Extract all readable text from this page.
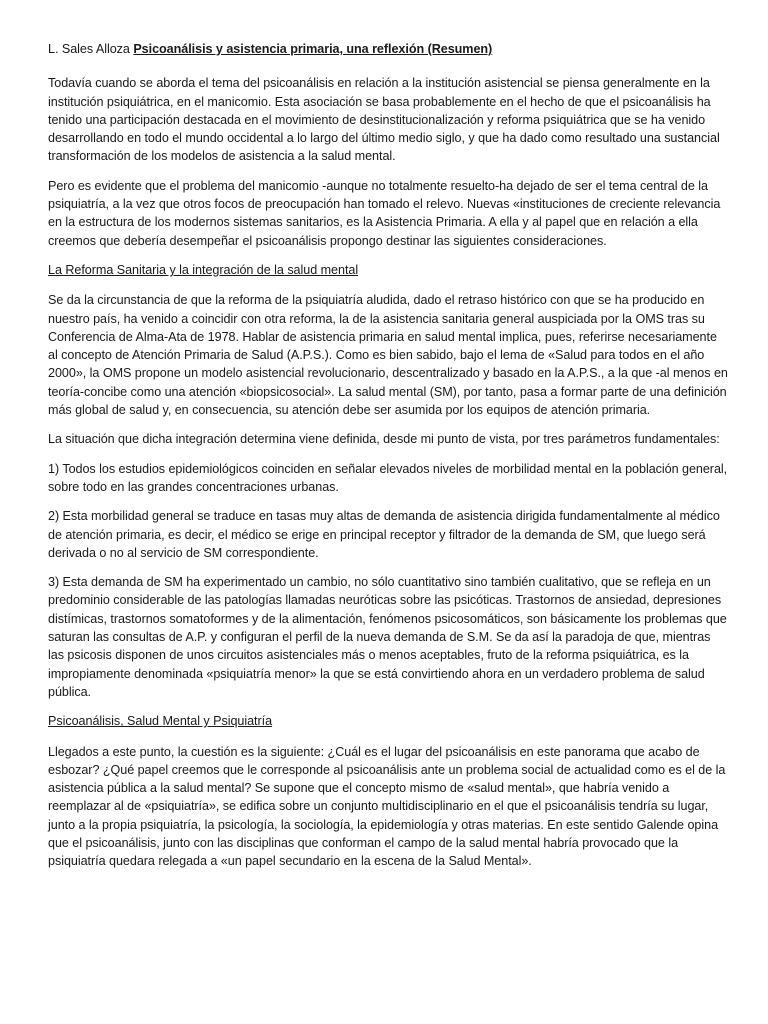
L. Sales Alloza Psicoanálisis y asistencia primaria, una reflexión (Resumen)

Todavía cuando se aborda el tema del psicoanálisis en relación a la institución asistencial se piensa generalmente en la institución psiquiátrica, en el manicomio. Esta asociación se basa probablemente en el hecho de que el psicoanálisis ha tenido una participación destacada en el movimiento de desinstitucionalización y reforma psiquiátrica que se ha venido desarrollando en todo el mundo occidental a lo largo del último medio siglo, y que ha dado como resultado una sustancial transformación de los modelos de asistencia a la salud mental.

Pero es evidente que el problema del manicomio -aunque no totalmente resuelto-ha dejado de ser el tema central de la psiquiatría, a la vez que otros focos de preocupación han tomado el relevo. Nuevas «instituciones de creciente relevancia en la estructura de los modernos sistemas sanitarios, es la Asistencia Primaria. A ella y al papel que en relación a ella creemos que debería desempeñar el psicoanálisis propongo destinar las siguientes consideraciones.

La Reforma Sanitaria y la integración de la salud mental

Se da la circunstancia de que la reforma de la psiquiatría aludida, dado el retraso histórico con que se ha producido en nuestro país, ha venido a coincidir con otra reforma, la de la asistencia sanitaria general auspiciada por la OMS tras su Conferencia de Alma-Ata de 1978. Hablar de asistencia primaria en salud mental implica, pues, referirse necesariamente al concepto de Atención Primaria de Salud (A.P.S.). Como es bien sabido, bajo el lema de «Salud para todos en el año 2000», la OMS propone un modelo asistencial revolucionario, descentralizado y basado en la A.P.S., a la que -al menos en teoría-concibe como una atención «biopsicosocial». La salud mental (SM), por tanto, pasa a formar parte de una definición más global de salud y, en consecuencia, su atención debe ser asumida por los equipos de atención primaria.

La situación que dicha integración determina viene definida, desde mi punto de vista, por tres parámetros fundamentales:

1) Todos los estudios epidemiológicos coinciden en señalar elevados niveles de morbilidad mental en la población general, sobre todo en las grandes concentraciones urbanas.

2) Esta morbilidad general se traduce en tasas muy altas de demanda de asistencia dirigida fundamentalmente al médico de atención primaria, es decir, el médico se erige en principal receptor y filtrador de la demanda de SM, que luego será derivada o no al servicio de SM correspondiente.

3) Esta demanda de SM ha experimentado un cambio, no sólo cuantitativo sino también cualitativo, que se refleja en un predominio considerable de las patologías llamadas neuróticas sobre las psicóticas. Trastornos de ansiedad, depresiones distímicas, trastornos somatoformes y de la alimentación, fenómenos psicosomáticos, son básicamente los problemas que saturan las consultas de A.P. y configuran el perfil de la nueva demanda de S.M. Se da así la paradoja de que, mientras las psicosis disponen de unos circuitos asistenciales más o menos aceptables, fruto de la reforma psiquiátrica, es la impropiamente denominada «psiquiatría menor» la que se está convirtiendo ahora en un verdadero problema de salud pública.

Psicoanálisis, Salud Mental y Psiquiatría

Llegados a este punto, la cuestión es la siguiente: ¿Cuál es el lugar del psicoanálisis en este panorama que acabo de esbozar? ¿Qué papel creemos que le corresponde al psicoanálisis ante un problema social de actualidad como es el de la asistencia pública a la salud mental? Se supone que el concepto mismo de «salud mental», que habría venido a reemplazar al de «psiquiatría», se edifica sobre un conjunto multidisciplinario en el que el psicoanálisis tendría su lugar, junto a la propia psiquiatría, la psicología, la sociología, la epidemiología y otras materias. En este sentido Galende opina que el psicoanálisis, junto con las disciplinas que conforman el campo de la salud mental habría provocado que la psiquiatría quedara relegada a «un papel secundario en la escena de la Salud Mental».
